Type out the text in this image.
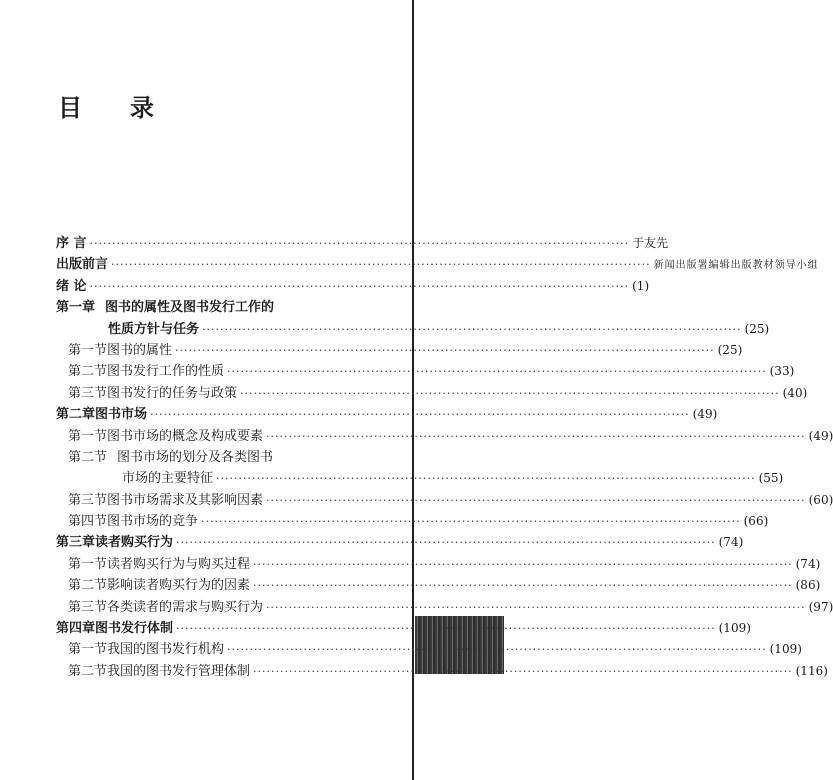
目 录
序 言 ························································································································ 于友先
出版前言 ························································································································ 新闻出版署编辑出版教材领导小组
绪 论 ························································································································ (1)
第一章 图书的属性及图书发行工作的
性质方针与任务 ························································································································ (25)
第一节 图书的属性 ························································································································ (25)
第二节 图书发行工作的性质 ························································································································ (33)
第三节 图书发行的任务与政策 ························································································································ (40)
第二章 图书市场 ························································································································ (49)
第一节 图书市场的概念及构成要素 ························································································································ (49)
第二节 图书市场的划分及各类图书
市场的主要特征 ························································································································ (55)
第三节 图书市场需求及其影响因素 ························································································································ (60)
第四节 图书市场的竞争 ························································································································ (66)
第三章 读者购买行为 ························································································································ (74)
第一节 读者购买行为与购买过程 ························································································································ (74)
第二节 影响读者购买行为的因素 ························································································································ (86)
第三节 各类读者的需求与购买行为 ························································································································ (97)
第四章 图书发行体制 ························································································································ (109)
第一节 我国的图书发行机构 ························································································································ (109)
第二节 我国的图书发行管理体制 ························································································································ (116)
